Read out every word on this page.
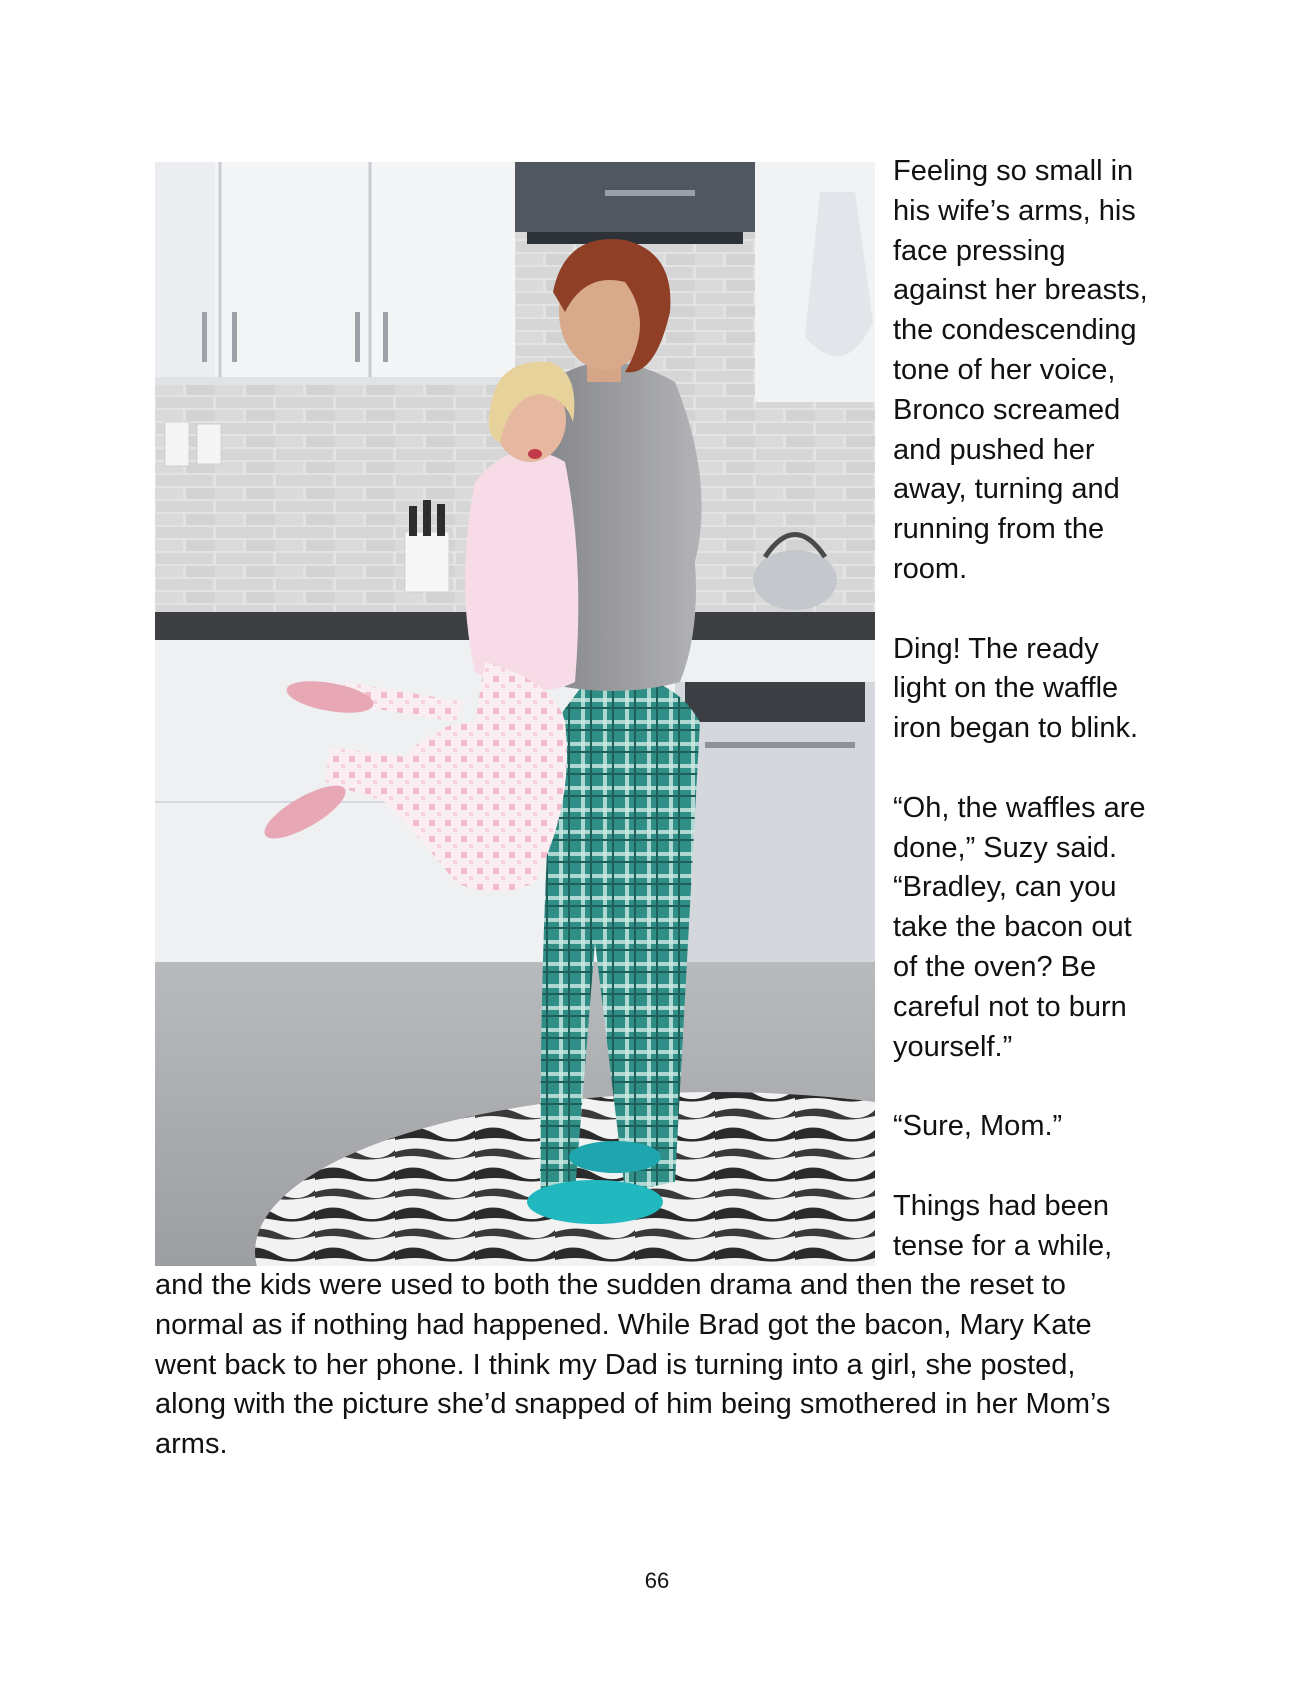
Feeling so small in
his wife’s arms, his
face pressing
against her breasts,
the condescending
tone of her voice,
Bronco screamed
and pushed her
away, turning and
running from the
room.

Ding! The ready
light on the waffle
iron began to blink.

“Oh, the waffles are
done,” Suzy said.
“Bradley, can you
take the bacon out
of the oven? Be
careful not to burn
yourself.”

“Sure, Mom.”

Things had been
tense for a while,

and the kids were used to both the sudden drama and then the reset to
normal as if nothing had happened. While Brad got the bacon, Mary Kate
went back to her phone. I think my Dad is turning into a girl, she posted,
along with the picture she’d snapped of him being smothered in her Mom’s
arms.

66
